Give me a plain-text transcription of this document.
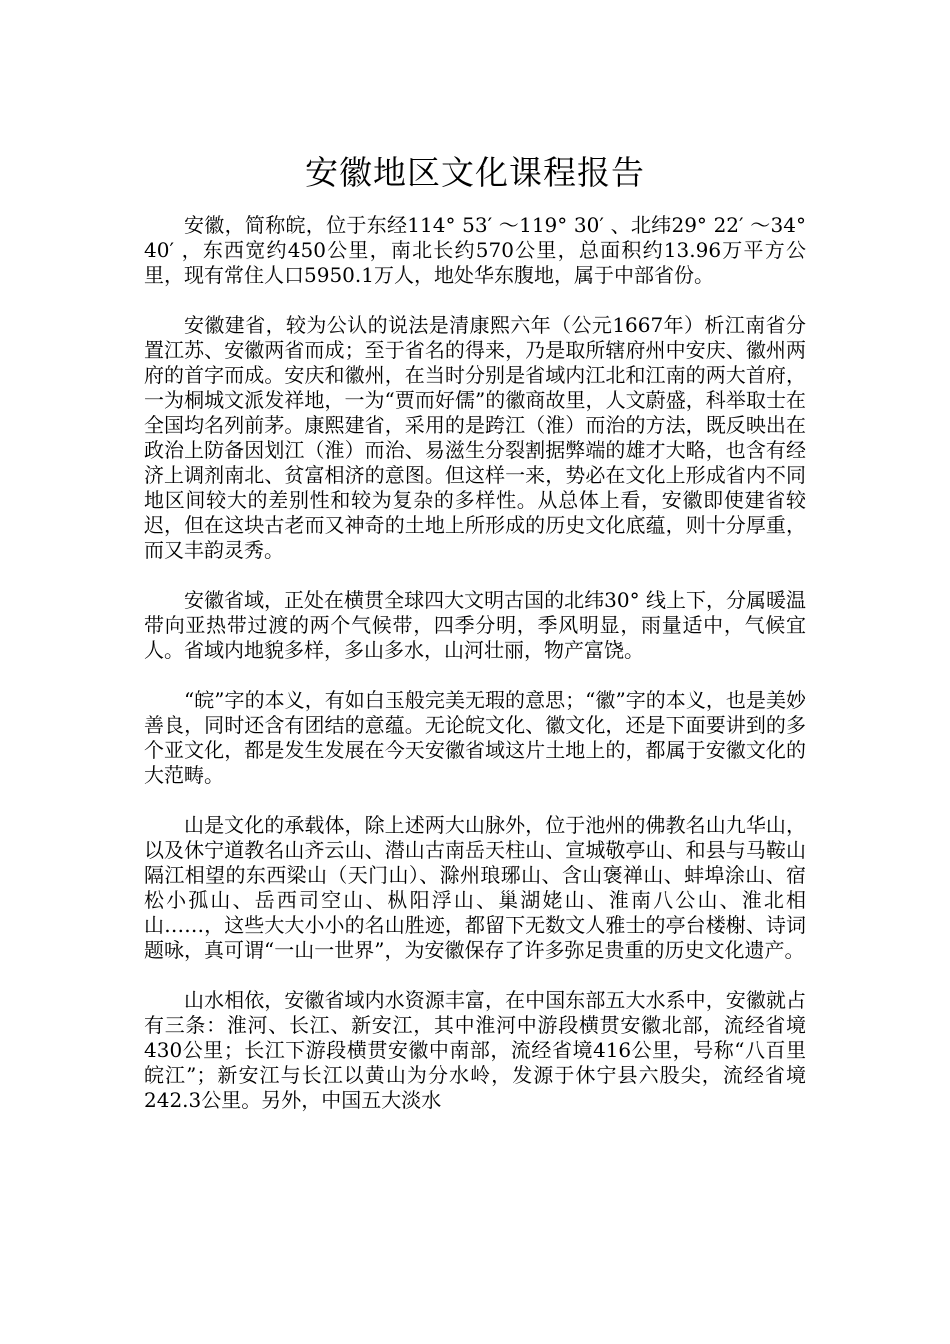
安徽地区文化课程报告

安徽，简称皖，位于东经114° 53′ ～119° 30′ 、北纬29° 22′ ～34° 40′ ，东西宽约450公里，南北长约570公里，总面积约13.96万平方公里，现有常住人口5950.1万人，地处华东腹地，属于中部省份。

安徽建省，较为公认的说法是清康熙六年（公元1667年）析江南省分置江苏、安徽两省而成；至于省名的得来，乃是取所辖府州中安庆、徽州两府的首字而成。安庆和徽州，在当时分别是省域内江北和江南的两大首府，一为桐城文派发祥地，一为“贾而好儒”的徽商故里，人文蔚盛，科举取士在全国均名列前茅。康熙建省，采用的是跨江（淮）而治的方法，既反映出在政治上防备因划江（淮）而治、易滋生分裂割据弊端的雄才大略，也含有经济上调剂南北、贫富相济的意图。但这样一来，势必在文化上形成省内不同地区间较大的差别性和较为复杂的多样性。从总体上看，安徽即使建省较迟，但在这块古老而又神奇的土地上所形成的历史文化底蕴，则十分厚重，而又丰韵灵秀。

安徽省域，正处在横贯全球四大文明古国的北纬30° 线上下，分属暖温带向亚热带过渡的两个气候带，四季分明，季风明显，雨量适中，气候宜人。省域内地貌多样，多山多水，山河壮丽，物产富饶。

“皖”字的本义，有如白玉般完美无瑕的意思；“徽”字的本义，也是美妙善良，同时还含有团结的意蕴。无论皖文化、徽文化，还是下面要讲到的多个亚文化，都是发生发展在今天安徽省域这片土地上的，都属于安徽文化的大范畴。

山是文化的承载体，除上述两大山脉外，位于池州的佛教名山九华山，以及休宁道教名山齐云山、潜山古南岳天柱山、宣城敬亭山、和县与马鞍山隔江相望的东西梁山（天门山）、滁州琅琊山、含山褒禅山、蚌埠涂山、宿松小孤山、岳西司空山、枞阳浮山、巢湖姥山、淮南八公山、淮北相山……，这些大大小小的名山胜迹，都留下无数文人雅士的亭台楼榭、诗词题咏，真可谓“一山一世界”，为安徽保存了许多弥足贵重的历史文化遗产。

山水相依，安徽省域内水资源丰富，在中国东部五大水系中，安徽就占有三条：淮河、长江、新安江，其中淮河中游段横贯安徽北部，流经省境430公里；长江下游段横贯安徽中南部，流经省境416公里，号称“八百里皖江”；新安江与长江以黄山为分水岭，发源于休宁县六股尖，流经省境242.3公里。另外，中国五大淡水
